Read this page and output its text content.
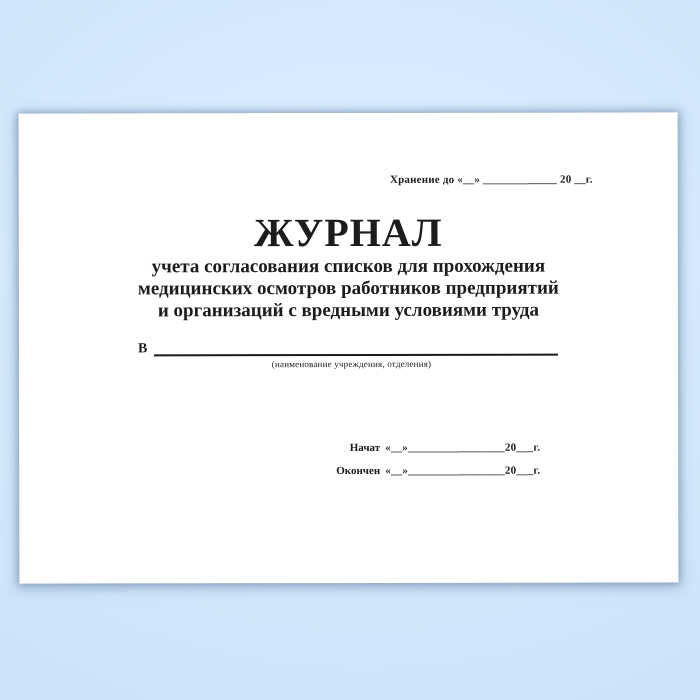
Хранение до «__» _____________ 20 __г.
ЖУРНАЛ
учета согласования списков для прохождения
медицинских осмотров работников предприятий
и организаций с вредными условиями труда
В
(наименование учреждения, отделения)
Начат «__»_________________20___г.
Окончен «__»_________________20___г.
